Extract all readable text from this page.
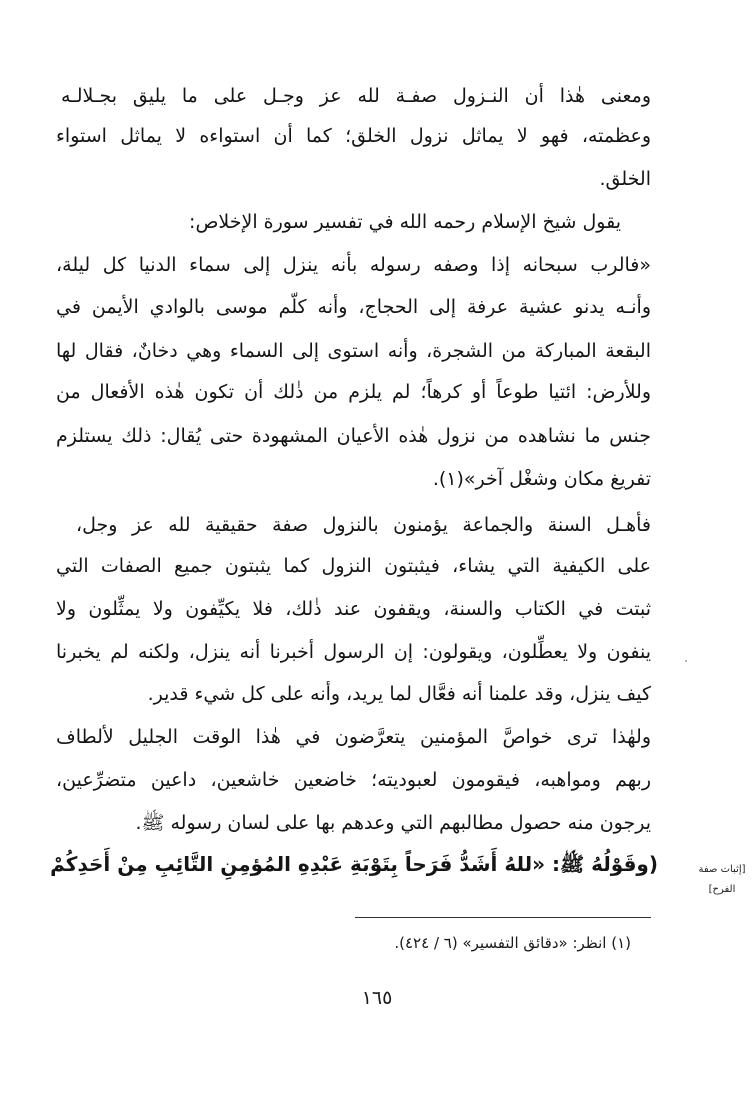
ومعنى هٰذا أن النـزول صفـة لله عز وجـل على ما يليق بجـلالـه
وعظمته، فهو لا يماثل نزول الخلق؛ كما أن استواءه لا يماثل استواء
الخلق.
يقول شيخ الإسلام رحمه الله في تفسير سورة الإخلاص:
«فالرب سبحانه إذا وصفه رسوله بأنه ينزل إلى سماء الدنيا كل ليلة،
وأنـه يدنو عشية عرفة إلى الحجاج، وأنه كلّم موسى بالوادي الأيمن في
البقعة المباركة من الشجرة، وأنه استوى إلى السماء وهي دخانٌ، فقال لها
وللأرض: ائتيا طوعاً أو كرهاً؛ لم يلزم من ذٰلك أن تكون هٰذه الأفعال من
جنس ما نشاهده من نزول هٰذه الأعيان المشهودة حتى يُقال: ذلك يستلزم
تفريغ مكان وشغْل آخر»(١).
فأهـل السنة والجماعة يؤمنون بالنزول صفة حقيقية لله عز وجل،
على الكيفية التي يشاء، فيثبتون النزول كما يثبتون جميع الصفات التي
ثبتت في الكتاب والسنة، ويقفون عند ذٰلك، فلا يكيِّفون ولا يمثِّلون ولا
ينفون ولا يعطِّلون، ويقولون: إن الرسول أخبرنا أنه ينزل، ولكنه لم يخبرنا
كيف ينزل، وقد علمنا أنه فعَّال لما يريد، وأنه على كل شيء قدير.
ولهٰذا ترى خواصَّ المؤمنين يتعرَّضون في هٰذا الوقت الجليل لألطاف
ربهم ومواهبه، فيقومون لعبوديته؛ خاضعين خاشعين، داعين متضرِّعين،
يرجون منه حصول مطالبهم التي وعدهم بها على لسان رسوله ﷺ.
(وقَوْلُهُ ﷺ: «للهُ أَشَدُّ فَرَحاً بِتَوْبَةِ عَبْدِهِ المُؤمِنِ التَّائِبِ مِنْ أَحَدِكُمْ	[إثبات صفة
الفرح]
(١) انظر: «دقائق التفسير» (٦ / ٤٢٤).
١٦٥
